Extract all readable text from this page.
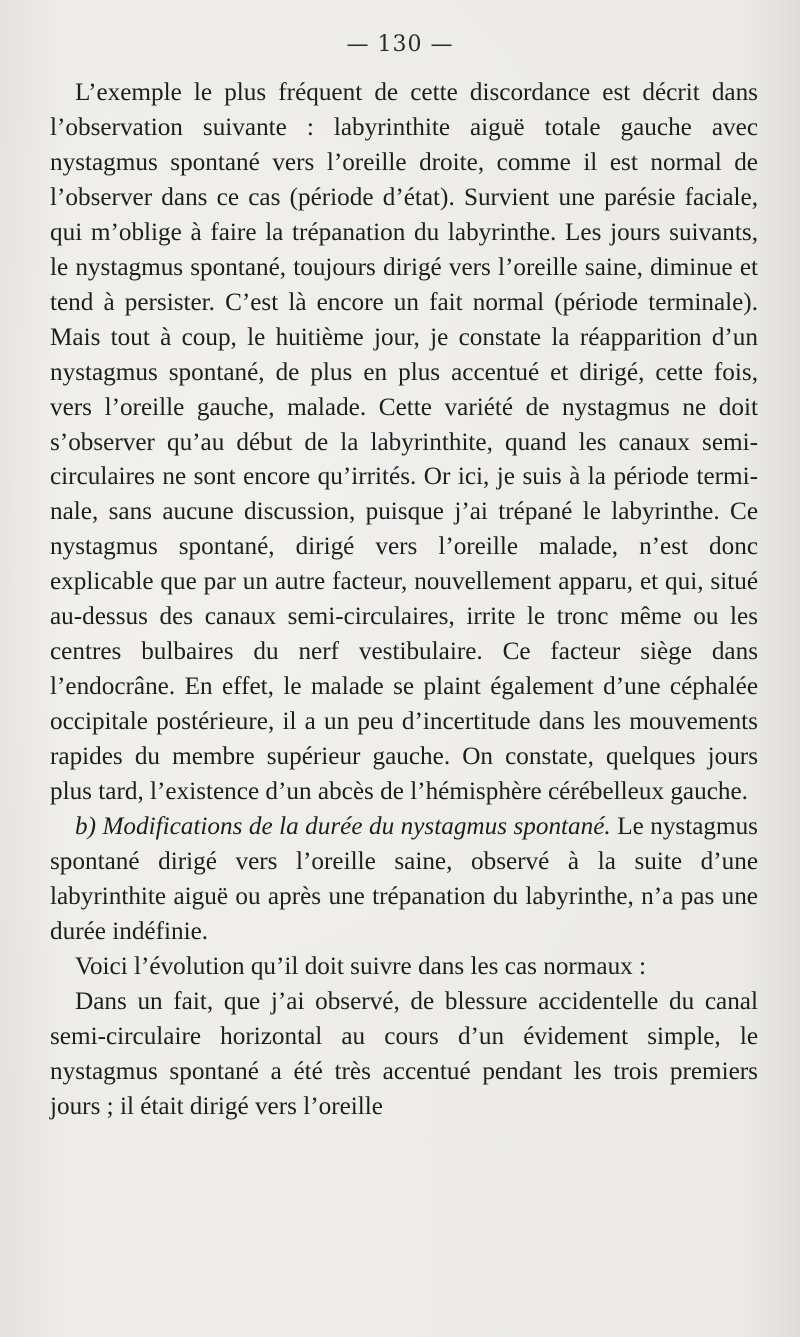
— 130 —

L’exemple le plus fréquent de cette discordance est décrit dans l’observation suivante : labyrinthite aiguë totale gauche avec nystagmus spontané vers l’oreille droite, comme il est normal de l’observer dans ce cas (période d’état). Survient une parésie faciale, qui m’oblige à faire la trépanation du labyrinthe. Les jours suivants, le nystagmus spontané, toujours dirigé vers l’oreille saine, diminue et tend à persister. C’est là encore un fait normal (période terminale). Mais tout à coup, le huitième jour, je constate la réapparition d’un nystagmus spontané, de plus en plus accentué et dirigé, cette fois, vers l’oreille gauche, malade. Cette variété de nystagmus ne doit s’observer qu’au début de la labyrinthite, quand les canaux semi-circulaires ne sont encore qu’irrités. Or ici, je suis à la période terminale, sans aucune discussion, puisque j’ai trépané le labyrinthe. Ce nystagmus spontané, dirigé vers l’oreille malade, n’est donc explicable que par un autre facteur, nouvellement apparu, et qui, situé au-dessus des canaux semi-circulaires, irrite le tronc même ou les centres bulbaires du nerf vestibulaire. Ce facteur siège dans l’endocrâne. En effet, le malade se plaint également d’une céphalée occipitale postérieure, il a un peu d’incertitude dans les mouvements rapides du membre supérieur gauche. On constate, quelques jours plus tard, l’existence d’un abcès de l’hémisphère cérébelleux gauche.

b) Modifications de la durée du nystagmus spontané. Le nystagmus spontané dirigé vers l’oreille saine, observé à la suite d’une labyrinthite aiguë ou après une trépanation du labyrinthe, n’a pas une durée indéfinie.

Voici l’évolution qu’il doit suivre dans les cas normaux :

Dans un fait, que j’ai observé, de blessure accidentelle du canal semi-circulaire horizontal au cours d’un évidement simple, le nystagmus spontané a été très accentué pendant les trois premiers jours ; il était dirigé vers l’oreille
